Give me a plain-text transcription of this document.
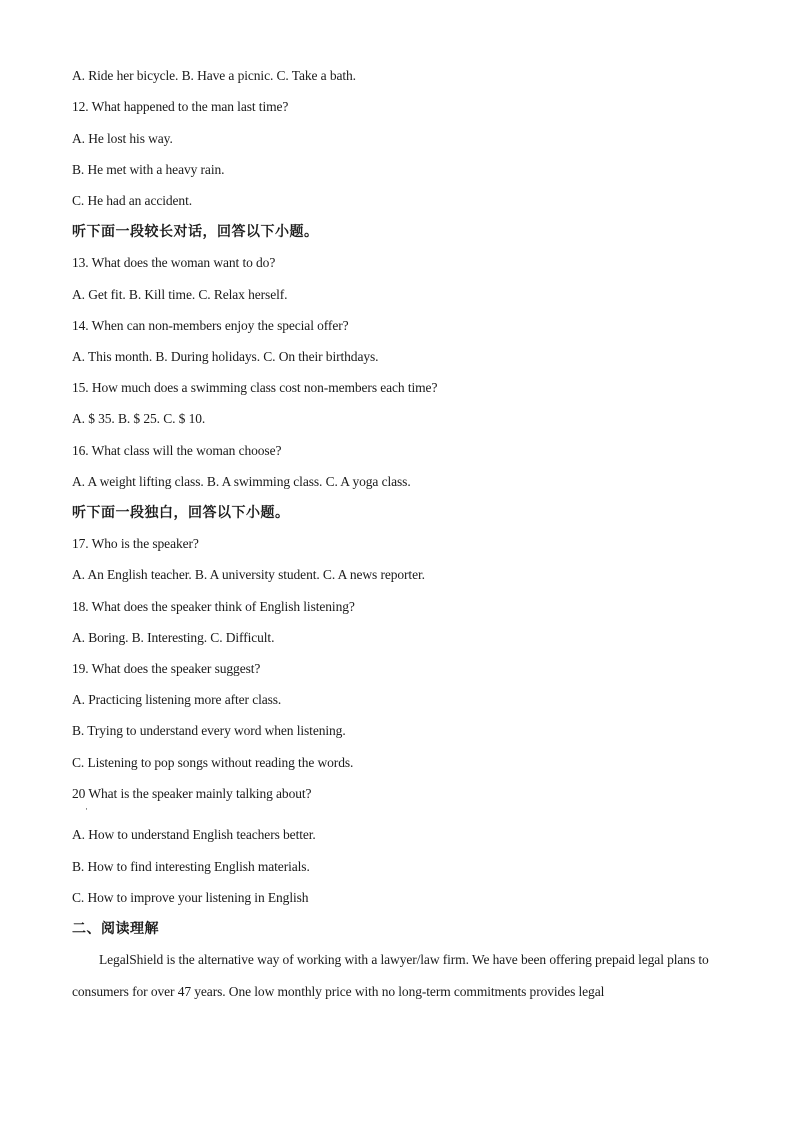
A. Ride her bicycle. B. Have a picnic. C. Take a bath.
12. What happened to the man last time?
A. He lost his way.
B. He met with a heavy rain.
C. He had an accident.
听下面一段较长对话，回答以下小题。
13. What does the woman want to do?
A. Get fit. B. Kill time. C. Relax herself.
14. When can non-members enjoy the special offer?
A. This month. B. During holidays. C. On their birthdays.
15. How much does a swimming class cost non-members each time?
A. $ 35. B. $ 25. C. $ 10.
16. What class will the woman choose?
A. A weight lifting class. B. A swimming class. C. A yoga class.
听下面一段独白，回答以下小题。
17. Who is the speaker?
A. An English teacher. B. A university student. C. A news reporter.
18. What does the speaker think of English listening?
A. Boring. B. Interesting. C. Difficult.
19. What does the speaker suggest?
A. Practicing listening more after class.
B. Trying to understand every word when listening.
C. Listening to pop songs without reading the words.
20 What is the speaker mainly talking about?
·
A. How to understand English teachers better.
B. How to find interesting English materials.
C. How to improve your listening in English
二、阅读理解
LegalShield is the alternative way of working with a lawyer/law firm. We have been offering prepaid legal plans to consumers for over 47 years. One low monthly price with no long-term commitments provides legal
